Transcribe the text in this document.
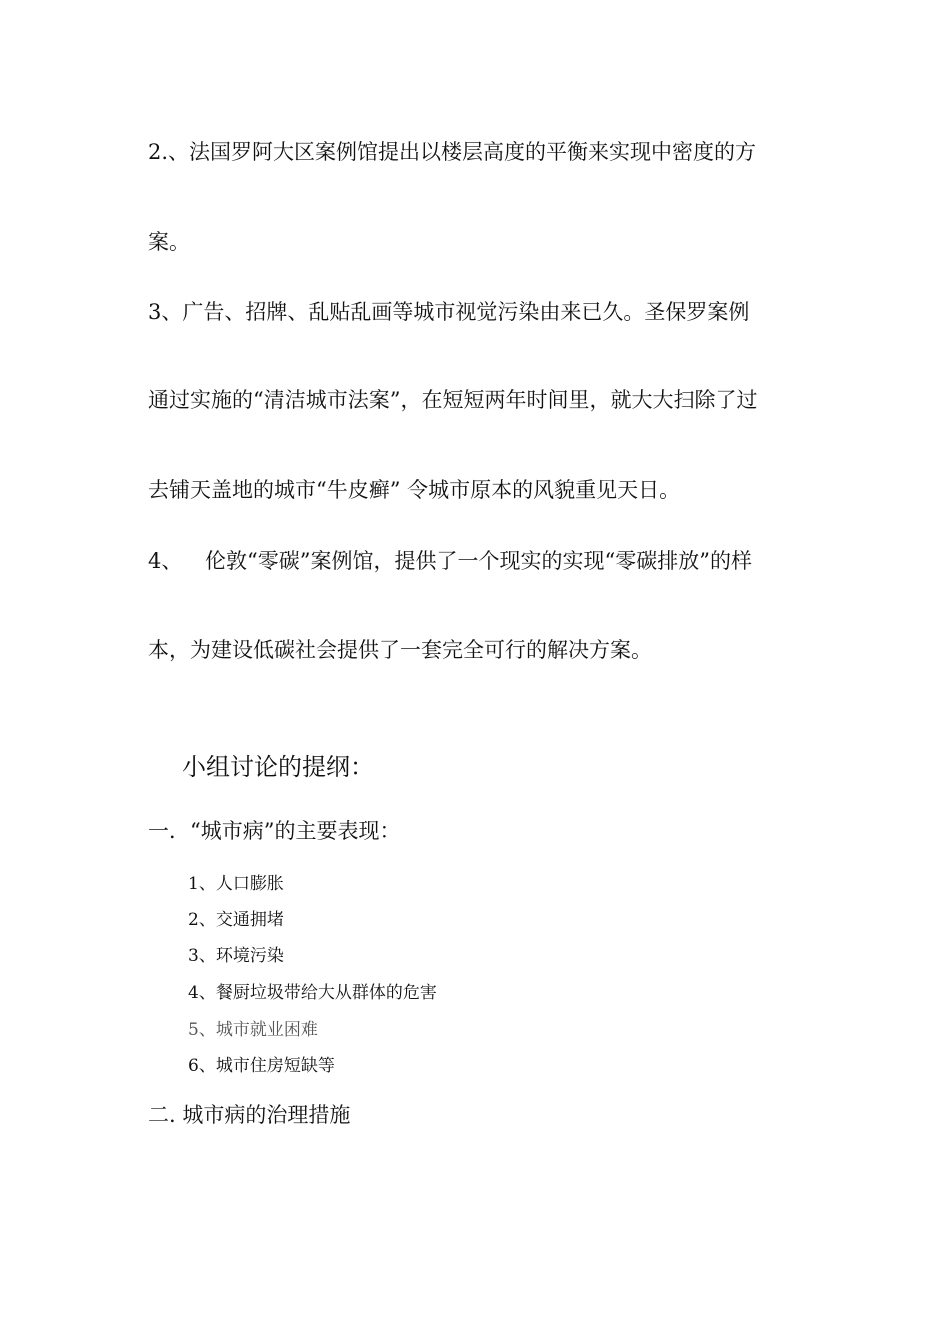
2.、法国罗阿大区案例馆提出以楼层高度的平衡来实现中密度的方

案。

3、广告、招牌、乱贴乱画等城市视觉污染由来已久。圣保罗案例

通过实施的“清洁城市法案”，在短短两年时间里，就大大扫除了过

去铺天盖地的城市“牛皮癣” 令城市原本的风貌重见天日。

4、 伦敦“零碳”案例馆，提供了一个现实的实现“零碳排放”的样

本，为建设低碳社会提供了一套完全可行的解决方案。

小组讨论的提纲：
一．“城市病”的主要表现：
1、人口膨胀
2、交通拥堵
3、环境污染
4、餐厨垃圾带给大从群体的危害
5、城市就业困难
6、城市住房短缺等
二. 城市病的治理措施
